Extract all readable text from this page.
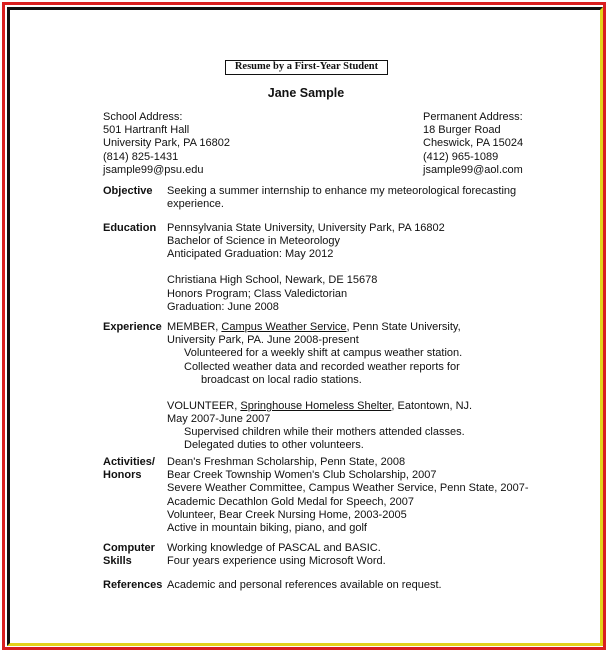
Resume by a First-Year Student
Jane Sample
School Address:
501 Hartranft Hall
University Park, PA 16802
(814) 825-1431
jsample99@psu.edu
Permanent Address:
18 Burger Road
Cheswick, PA 15024
(412) 965-1089
jsample99@aol.com
Objective Seeking a summer internship to enhance my meteorological forecasting
experience.
Education Pennsylvania State University, University Park, PA 16802
Bachelor of Science in Meteorology
Anticipated Graduation: May 2012
Christiana High School, Newark, DE 15678
Honors Program; Class Valedictorian
Graduation: June 2008
Experience MEMBER, Campus Weather Service, Penn State University,
University Park, PA. June 2008-present
Volunteered for a weekly shift at campus weather station.
Collected weather data and recorded weather reports for
broadcast on local radio stations.
VOLUNTEER, Springhouse Homeless Shelter, Eatontown, NJ.
May 2007-June 2007
Supervised children while their mothers attended classes.
Delegated duties to other volunteers.
Activities/
Honors
Dean's Freshman Scholarship, Penn State, 2008
Bear Creek Township Women's Club Scholarship, 2007
Severe Weather Committee, Campus Weather Service, Penn State, 2007-
Academic Decathlon Gold Medal for Speech, 2007
Volunteer, Bear Creek Nursing Home, 2003-2005
Active in mountain biking, piano, and golf
Computer
Skills
Working knowledge of PASCAL and BASIC.
Four years experience using Microsoft Word.
References Academic and personal references available on request.
